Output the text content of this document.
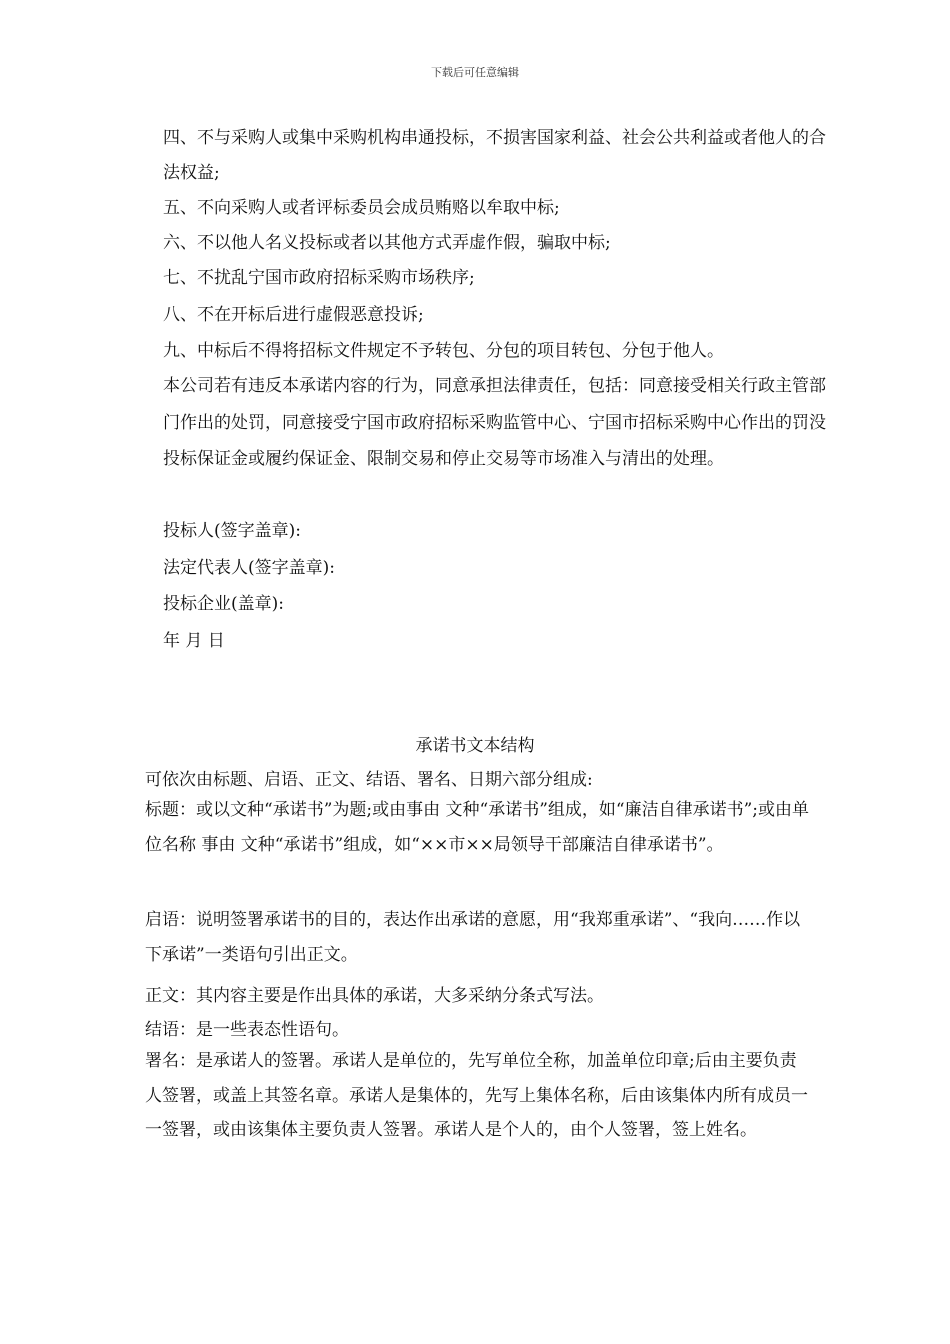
下载后可任意编辑

四、不与采购人或集中采购机构串通投标，不损害国家利益、社会公共利益或者他人的合法权益;

五、不向采购人或者评标委员会成员贿赂以牟取中标;
六、不以他人名义投标或者以其他方式弄虚作假，骗取中标;
七、不扰乱宁国市政府招标采购市场秩序;
八、不在开标后进行虚假恶意投诉;
九、中标后不得将招标文件规定不予转包、分包的项目转包、分包于他人。

本公司若有违反本承诺内容的行为，同意承担法律责任，包括：同意接受相关行政主管部门作出的处罚，同意接受宁国市政府招标采购监管中心、宁国市招标采购中心作出的罚没投标保证金或履约保证金、限制交易和停止交易等市场准入与清出的处理。

投标人(签字盖章):
法定代表人(签字盖章):
投标企业(盖章):
年 月 日
承诺书文本结构
可依次由标题、启语、正文、结语、署名、日期六部分组成:

标题：或以文种“承诺书”为题;或由事由 文种“承诺书”组成，如“廉洁自律承诺书”;或由单位名称 事由 文种“承诺书”组成，如“××市××局领导干部廉洁自律承诺书”。

启语：说明签署承诺书的目的，表达作出承诺的意愿，用“我郑重承诺”、“我向……作以下承诺”一类语句引出正文。

正文：其内容主要是作出具体的承诺，大多采纳分条式写法。
结语：是一些表态性语句。

署名：是承诺人的签署。承诺人是单位的，先写单位全称，加盖单位印章;后由主要负责人签署，或盖上其签名章。承诺人是集体的，先写上集体名称，后由该集体内所有成员一一签署，或由该集体主要负责人签署。承诺人是个人的，由个人签署，签上姓名。
